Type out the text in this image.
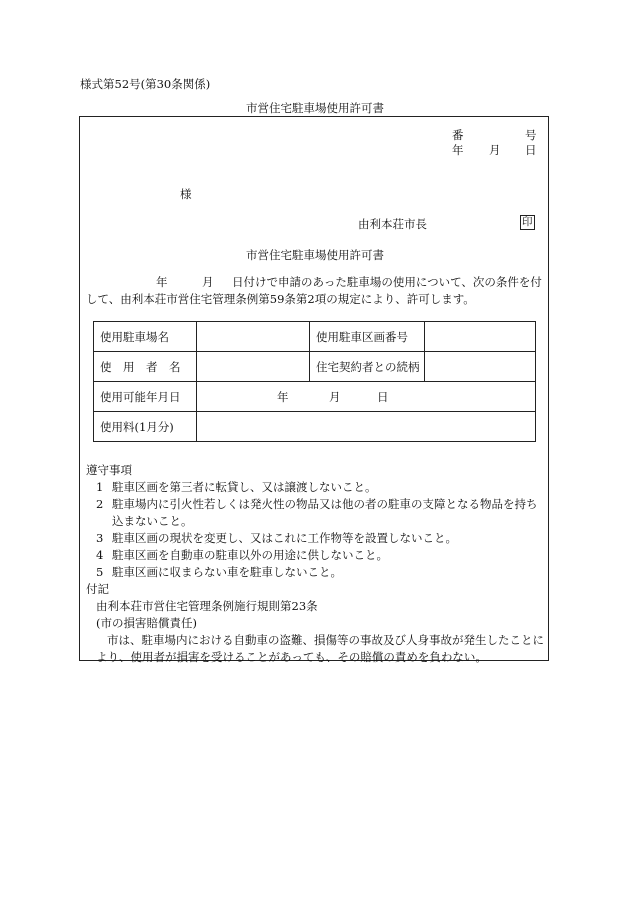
様式第52号(第30条関係)
市営住宅駐車場使用許可書
番	号
年 月 日
様
由利本荘市長	印
市営住宅駐車場使用許可書
年	月 日付けで申請のあった駐車場の使用について、次の条件を付
して、由利本荘市営住宅管理条例第59条第2項の規定により、許可します。
使用駐車場名		使用駐車区画番号	
使　用　者　名		住宅契約者との続柄	
使用可能年月日	年 月 日		

使用料(1月分)			
遵守事項
1 駐車区画を第三者に転貸し、又は譲渡しないこと。
2 駐車場内に引火性若しくは発火性の物品又は他の者の駐車の支障となる物品を持ち込まないこと。
3 駐車区画の現状を変更し、又はこれに工作物等を設置しないこと。
4 駐車区画を自動車の駐車以外の用途に供しないこと。
5 駐車区画に収まらない車を駐車しないこと。
付記
由利本荘市営住宅管理条例施行規則第23条
(市の損害賠償責任)
市は、駐車場内における自動車の盗難、損傷等の事故及び人身事故が発生したことにより、使用者が損害を受けることがあっても、その賠償の責めを負わない。
